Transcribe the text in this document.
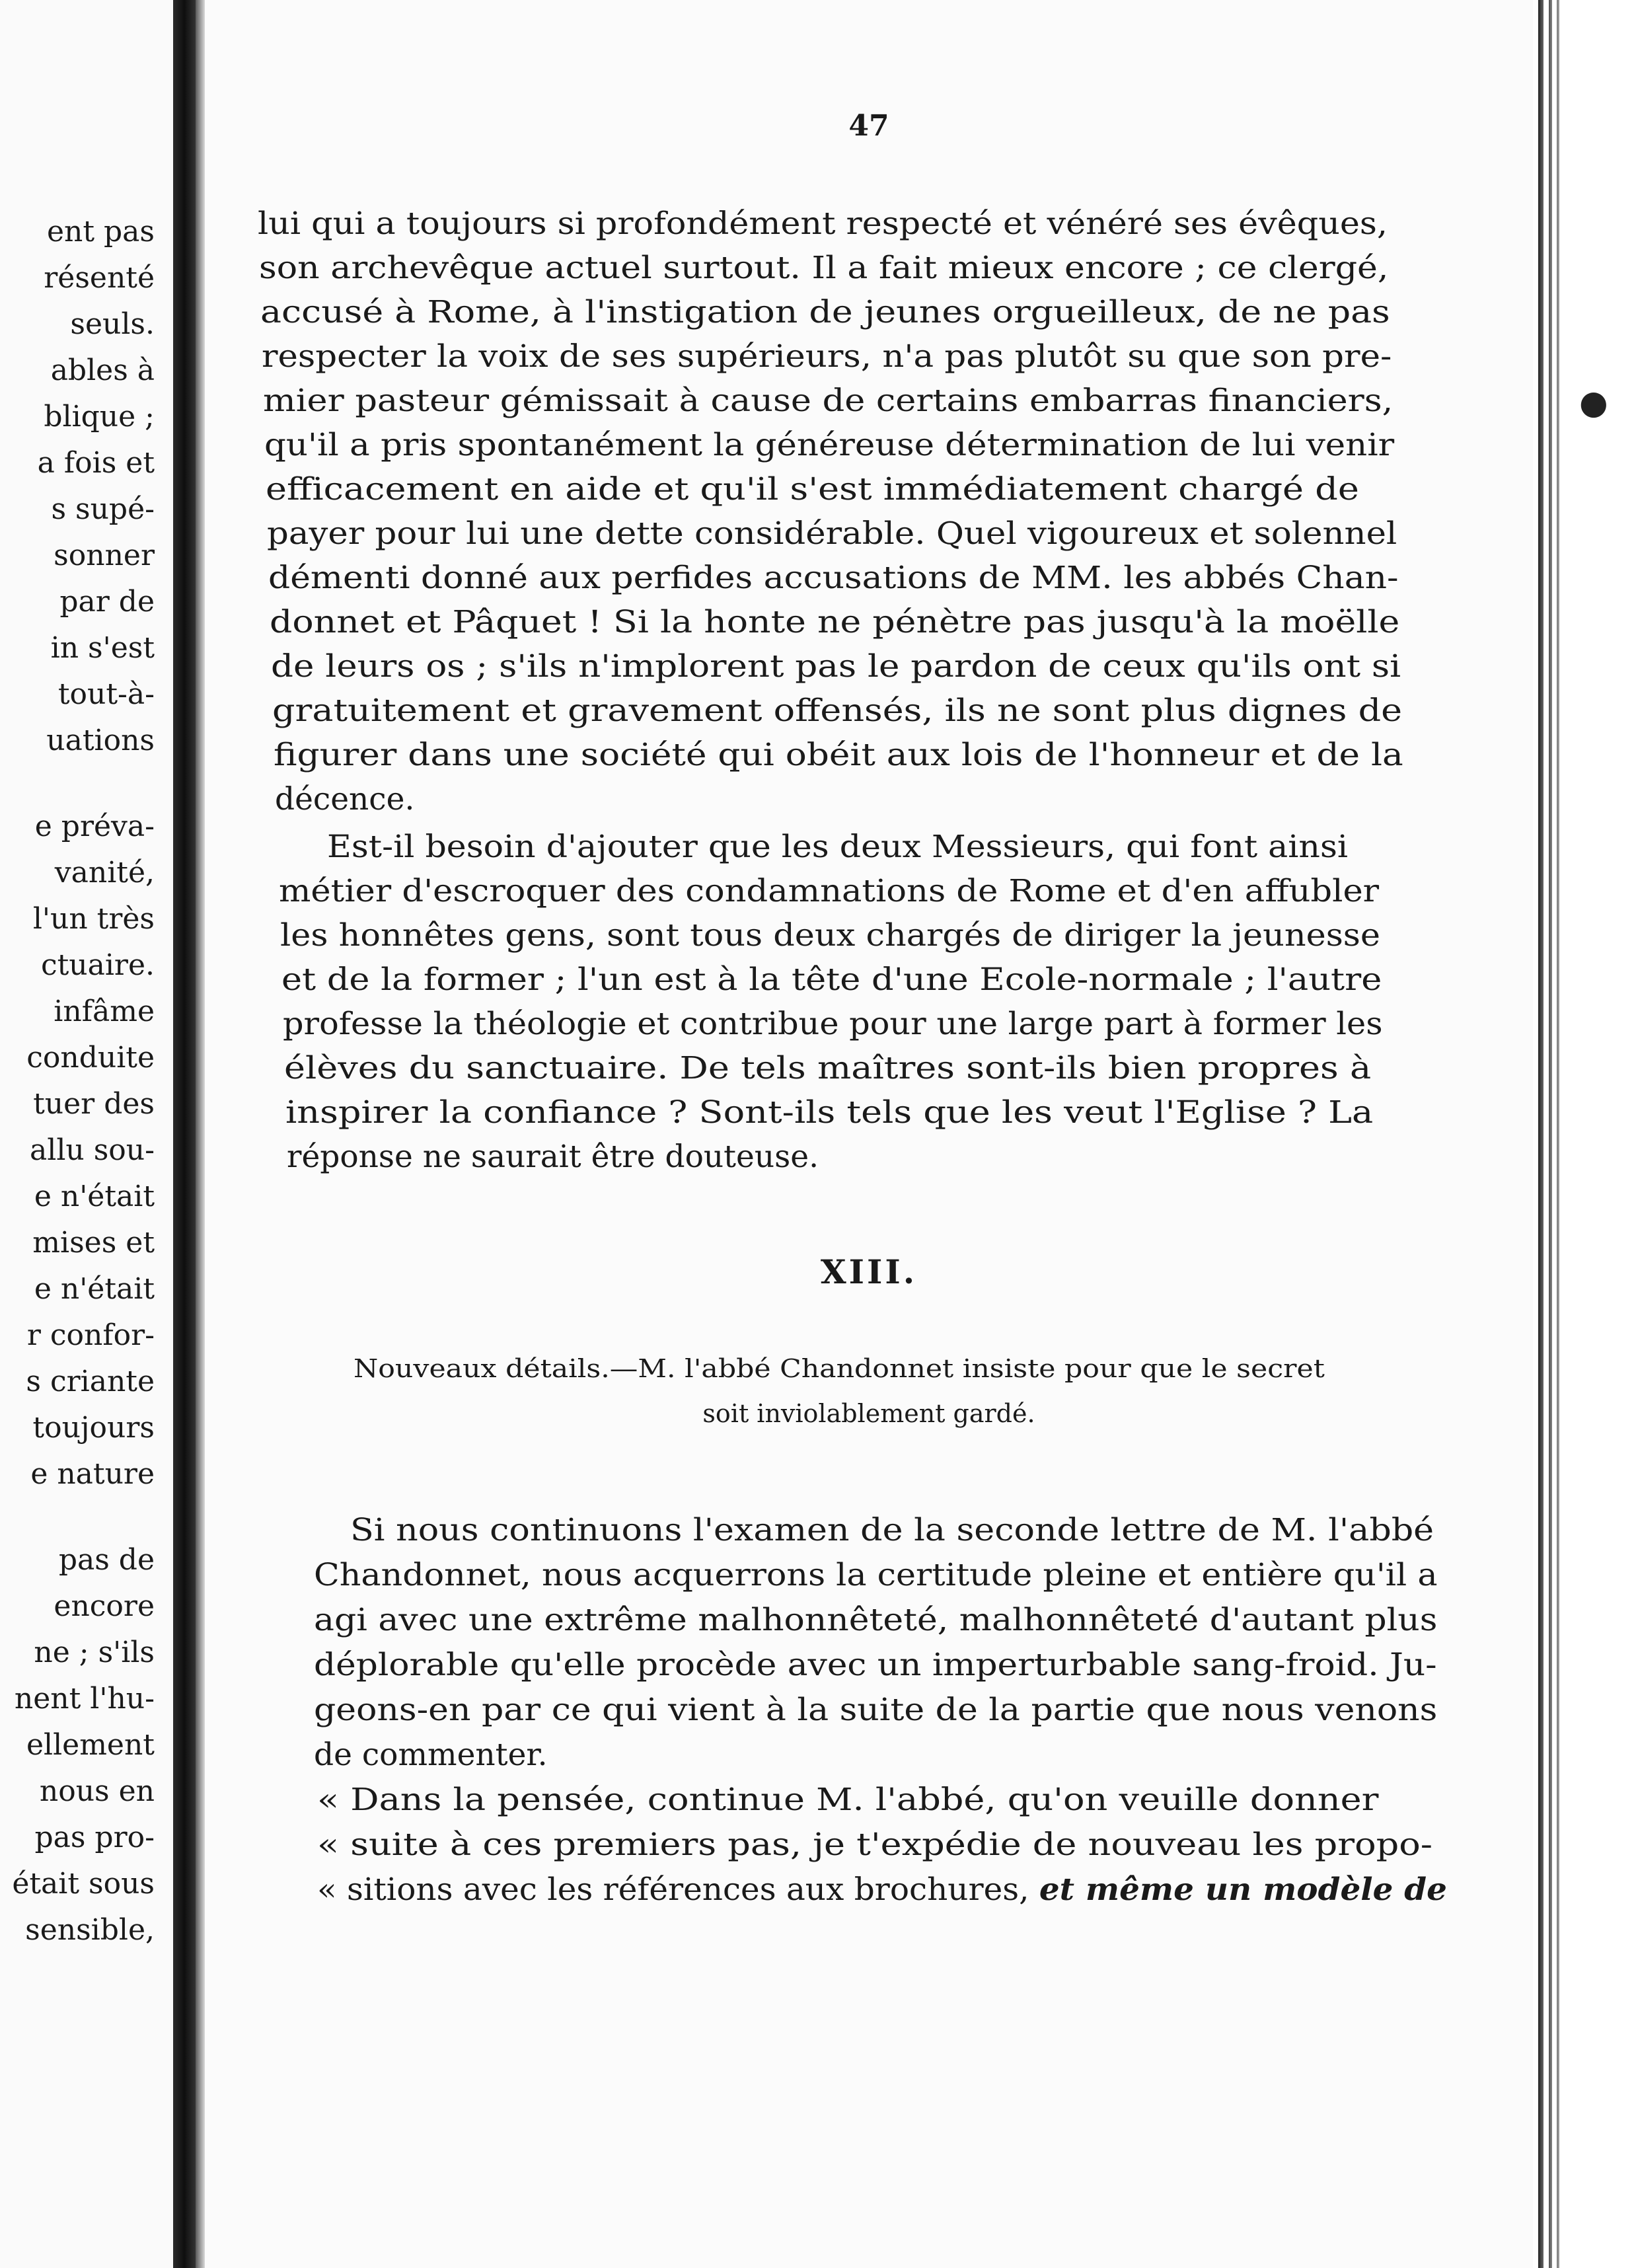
ent pas
résenté
seuls.
ables à
blique ;
a fois et
s supé-
sonner
par de
in s'est
tout-à-
uations
e préva-
vanité,
l'un très
ctuaire.
infâme
conduite
tuer des
allu sou-
e n'était
mises et
e n'était
r confor-
s criante
toujours
e nature
pas de
encore
ne ; s'ils
nent l'hu-
ellement
nous en
pas pro-
était sous
sensible,
47
XIII.
lui qui a toujours si profondément respecté et vénéré ses évêques,
son archevêque actuel surtout. Il a fait mieux encore ; ce clergé,
accusé à Rome, à l'instigation de jeunes orgueilleux, de ne pas
respecter la voix de ses supérieurs, n'a pas plutôt su que son pre-
mier pasteur gémissait à cause de certains embarras financiers,
qu'il a pris spontanément la généreuse détermination de lui venir
efficacement en aide et qu'il s'est immédiatement chargé de
payer pour lui une dette considérable. Quel vigoureux et solennel
démenti donné aux perfides accusations de MM. les abbés Chan-
donnet et Pâquet ! Si la honte ne pénètre pas jusqu'à la moëlle
de leurs os ; s'ils n'implorent pas le pardon de ceux qu'ils ont si
gratuitement et gravement offensés, ils ne sont plus dignes de
figurer dans une société qui obéit aux lois de l'honneur et de la
décence.
Est-il besoin d'ajouter que les deux Messieurs, qui font ainsi
métier d'escroquer des condamnations de Rome et d'en affubler
les honnêtes gens, sont tous deux chargés de diriger la jeunesse
et de la former ; l'un est à la tête d'une Ecole-normale ; l'autre
professe la théologie et contribue pour une large part à former les
élèves du sanctuaire. De tels maîtres sont-ils bien propres à
inspirer la confiance ? Sont-ils tels que les veut l'Eglise ? La
réponse ne saurait être douteuse.
Nouveaux détails.—M. l'abbé Chandonnet insiste pour que le secret
soit inviolablement gardé.
Si nous continuons l'examen de la seconde lettre de M. l'abbé
Chandonnet, nous acquerrons la certitude pleine et entière qu'il a
agi avec une extrême malhonnêteté, malhonnêteté d'autant plus
déplorable qu'elle procède avec un imperturbable sang-froid. Ju-
geons-en par ce qui vient à la suite de la partie que nous venons
de commenter.
« Dans la pensée, continue M. l'abbé, qu'on veuille donner
« suite à ces premiers pas, je t'expédie de nouveau les propo-
« sitions avec les références aux brochures, et même un modèle de
●
